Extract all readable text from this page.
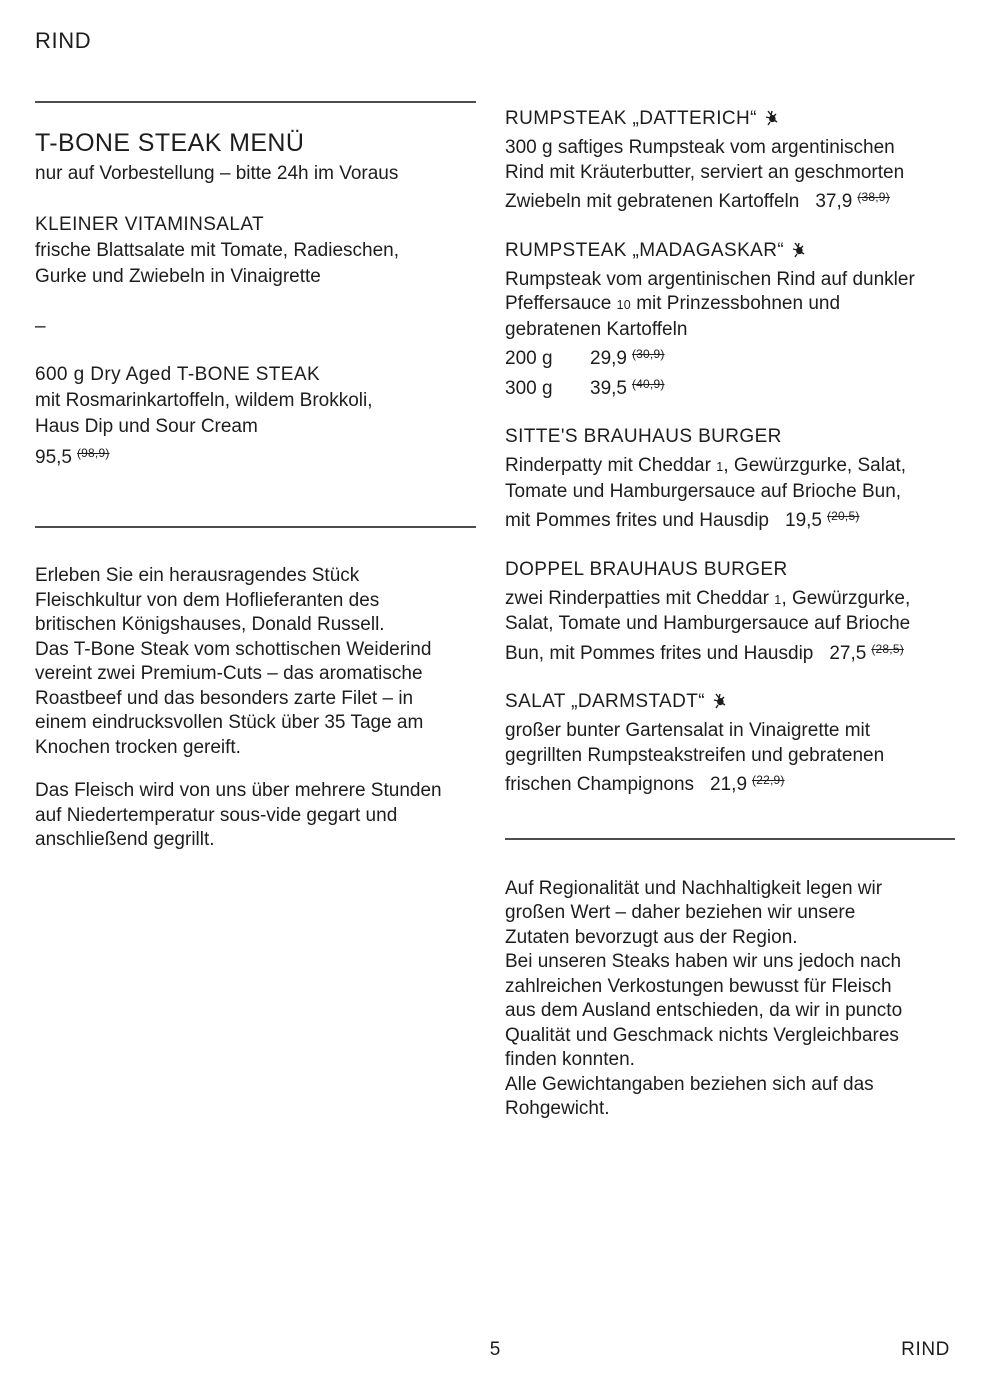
RIND
T-BONE STEAK MENÜ
nur auf Vorbestellung – bitte 24h im Voraus
KLEINER VITAMINSALAT
frische Blattsalate mit Tomate, Radieschen,
Gurke und Zwiebeln in Vinaigrette
–
600 g Dry Aged T-BONE STEAK
mit Rosmarinkartoffeln, wildem Brokkoli,
Haus Dip und Sour Cream
95,5 $^{(98,9)}$
Erleben Sie ein herausragendes Stück
Fleischkultur von dem Hoflieferanten des
britischen Königshauses, Donald Russell.
Das T-Bone Steak vom schottischen Weiderind
vereint zwei Premium-Cuts – das aromatische
Roastbeef und das besonders zarte Filet – in
einem eindrucksvollen Stück über 35 Tage am
Knochen trocken gereift.
Das Fleisch wird von uns über mehrere Stunden
auf Niedertemperatur sous-vide gegart und
anschließend gegrillt.
RUMPSTEAK „DATTERICH“
300 g saftiges Rumpsteak vom argentinischen
Rind mit Kräuterbutter, serviert an geschmorten
Zwiebeln mit gebratenen Kartoffeln 37,9 $^{(38,9)}$
RUMPSTEAK „MADAGASKAR“
Rumpsteak vom argentinischen Rind auf dunkler
Pfeffersauce 10 mit Prinzessbohnen und
gebratenen Kartoffeln
200 g 29,9 $^{(30,9)}$
300 g 39,5 $^{(40,9)}$
SITTE'S BRAUHAUS BURGER
Rinderpatty mit Cheddar 1, Gewürzgurke, Salat,
Tomate und Hamburgersauce auf Brioche Bun,
mit Pommes frites und Hausdip 19,5 $^{(20,5)}$
DOPPEL BRAUHAUS BURGER
zwei Rinderpatties mit Cheddar 1, Gewürzgurke,
Salat, Tomate und Hamburgersauce auf Brioche
Bun, mit Pommes frites und Hausdip 27,5 $^{(28,5)}$
SALAT „DARMSTADT“
großer bunter Gartensalat in Vinaigrette mit
gegrillten Rumpsteakstreifen und gebratenen
frischen Champignons 21,9 $^{(22,9)}$
Auf Regionalität und Nachhaltigkeit legen wir
großen Wert – daher beziehen wir unsere
Zutaten bevorzugt aus der Region.
Bei unseren Steaks haben wir uns jedoch nach
zahlreichen Verkostungen bewusst für Fleisch
aus dem Ausland entschieden, da wir in puncto
Qualität und Geschmack nichts Vergleichbares
finden konnten.
Alle Gewichtangaben beziehen sich auf das
Rohgewicht.
5	RIND
